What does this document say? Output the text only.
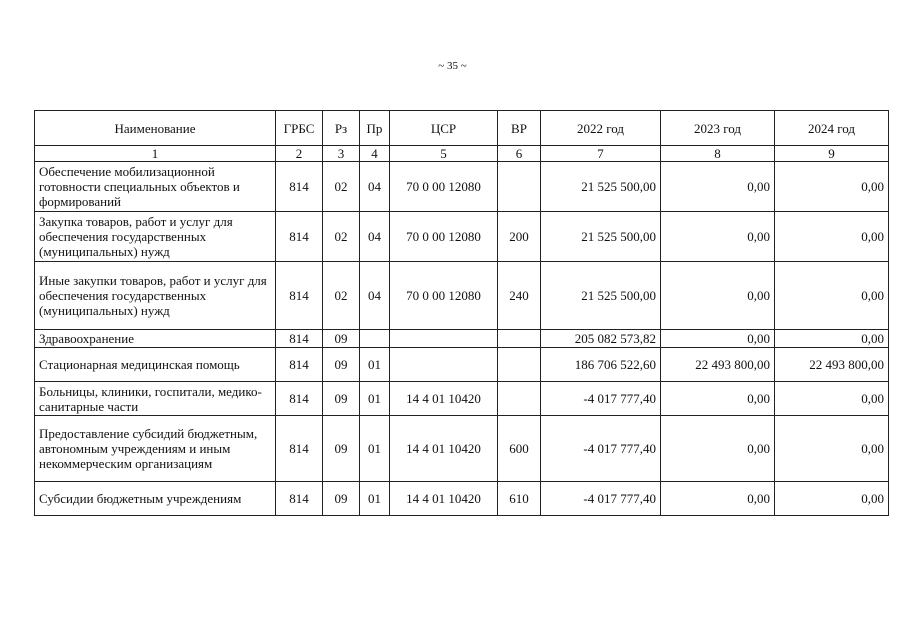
~ 35 ~
Наименование	ГРБС	Рз	Пр	ЦСР	ВР	2022 год	2023 год	2024 год
1	2	3	4	5	6	7	8	9
Обеспечение мобилизационной готовности специальных объектов и формирований	814	02	04	70 0 00 12080		21 525 500,00	0,00	0,00
Закупка товаров, работ и услуг для обеспечения государственных (муниципальных) нужд	814	02	04	70 0 00 12080	200	21 525 500,00	0,00	0,00
Иные закупки товаров, работ и услуг для обеспечения государственных (муниципальных) нужд	814	02	04	70 0 00 12080	240	21 525 500,00	0,00	0,00
Здравоохранение	814	09				205 082 573,82	0,00	0,00
Стационарная медицинская помощь	814	09	01			186 706 522,60	22 493 800,00	22 493 800,00
Больницы, клиники, госпитали, медико-санитарные части	814	09	01	14 4 01 10420		-4 017 777,40	0,00	0,00
Предоставление субсидий бюджетным, автономным учреждениям и иным некоммерческим организациям	814	09	01	14 4 01 10420	600	-4 017 777,40	0,00	0,00
Субсидии бюджетным учреждениям	814	09	01	14 4 01 10420	610	-4 017 777,40	0,00	0,00
